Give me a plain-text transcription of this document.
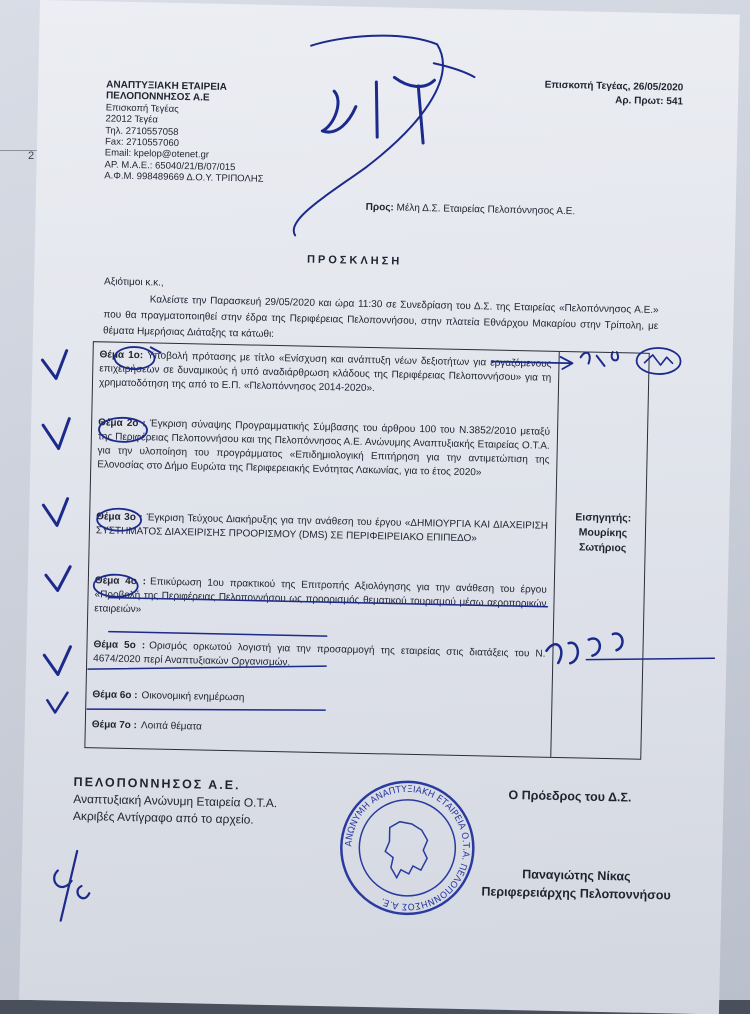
2
ΑΝΑΠΤΥΞΙΑΚΗ ΕΤΑΙΡΕΙΑ
ΠΕΛΟΠΟΝΝΗΣΟΣ Α.Ε
Επισκοπή Τεγέας
22012 Τεγέα
Τηλ. 2710557058
Fax: 2710557060
Email: kpelop@otenet.gr
ΑΡ. Μ.Α.Ε.: 65040/21/Β/07/015
Α.Φ.Μ. 998489669 Δ.Ο.Υ. ΤΡΙΠΟΛΗΣ
Επισκοπή Τεγέας, 26/05/2020
Αρ. Πρωτ: 541
Προς: Μέλη Δ.Σ. Εταιρείας Πελοπόννησος Α.Ε.
ΠΡΟΣΚΛΗΣΗ
Αξιότιμοι κ.κ.,
Καλείστε την Παρασκευή 29/05/2020 και ώρα 11:30 σε Συνεδρίαση του Δ.Σ. της Εταιρείας «Πελοπόννησος Α.Ε.» που θα πραγματοποιηθεί στην έδρα της Περιφέρειας Πελοποννήσου, στην πλατεία Εθνάρχου Μακαρίου στην Τρίπολη, με θέματα Ημερήσιας Διάταξης τα κάτωθι:
Θέμα 1ο: Υποβολή πρότασης με τίτλο «Ενίσχυση και ανάπτυξη νέων δεξιοτήτων για εργαζόμενους επιχειρήσεων σε δυναμικούς ή υπό αναδιάρθρωση κλάδους της Περιφέρειας Πελοποννήσου» για τη χρηματοδότηση της από το Ε.Π. «Πελοπόννησος 2014-2020».
Θέμα 2ο : Έγκριση σύναψης Προγραμματικής Σύμβασης του άρθρου 100 του Ν.3852/2010 μεταξύ της Περιφέρειας Πελοποννήσου και της Πελοπόννησος Α.Ε. Ανώνυμης Αναπτυξιακής Εταιρείας Ο.Τ.Α. για την υλοποίηση του προγράμματος «Επιδημιολογική Επιτήρηση για την αντιμετώπιση της Ελονοσίας στο Δήμο Ευρώτα της Περιφερειακής Ενότητας Λακωνίας, για το έτος 2020»
Θέμα 3ο : Έγκριση Τεύχους Διακήρυξης για την ανάθεση του έργου «ΔΗΜΙΟΥΡΓΙΑ ΚΑΙ ΔΙΑΧΕΙΡΙΣΗ ΣΥΣΤΗΜΑΤΟΣ ΔΙΑΧΕΙΡΙΣΗΣ ΠΡΟΟΡΙΣΜΟΥ (DMS) ΣΕ ΠΕΡΙΦΕΙΡΕΙΑΚΟ ΕΠΙΠΕΔΟ»
Θέμα 4ο : Επικύρωση 1ου πρακτικού της Επιτροπής Αξιολόγησης για την ανάθεση του έργου «Προβολή της Περιφέρειας Πελοποννήσου ως προορισμός θεματικού τουρισμού μέσω αεροπορικών εταιρειών»
Θέμα 5ο : Ορισμός ορκωτού λογιστή για την προσαρμογή της εταιρείας στις διατάξεις του Ν. 4674/2020 περί Αναπτυξιακών Οργανισμών.
Θέμα 6ο : Οικονομική ενημέρωση
Θέμα 7ο : Λοιπά θέματα
Εισηγητής:
Μουρίκης Σωτήριος
ΠΕΛΟΠΟΝΝΗΣΟΣ Α.Ε.
Αναπτυξιακή Ανώνυμη Εταιρεία Ο.Τ.Α.
Ακριβές Αντίγραφο από το αρχείο.
Ο Πρόεδρος του Δ.Σ.
Παναγιώτης Νίκας
Περιφερειάρχης Πελοποννήσου
ΑΝΩΝΥΜΗ ΑΝΑΠΤΥΞΙΑΚΗ ΕΤΑΙΡΕΙΑ Ο.Τ.Α. ΠΕΛΟΠΟΝΝΗΣΟΣ Α.Ε.
